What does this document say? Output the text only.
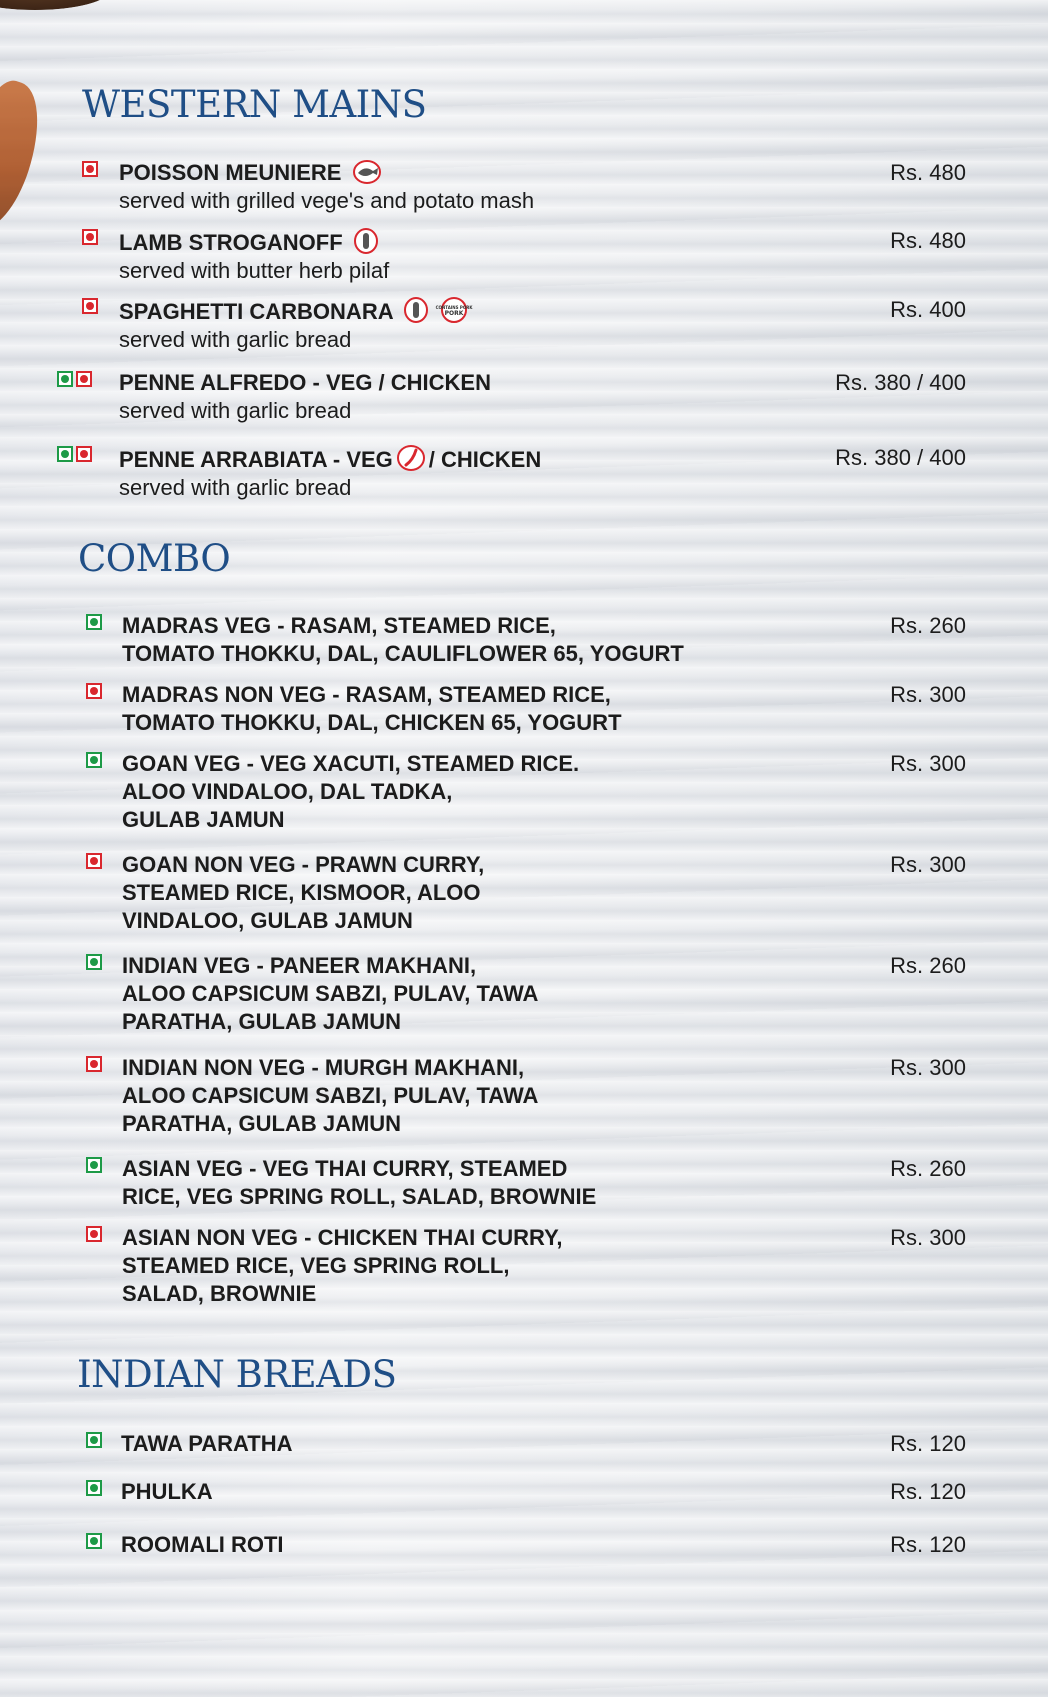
WESTERN MAINS
POISSON MEUNIERE
served with grilled vege's and potato mash
Rs. 480
LAMB STROGANOFF
served with butter herb pilaf
Rs. 480
SPAGHETTI CARBONARA	CONTAINS PORK
PORK
served with garlic bread
Rs. 400
PENNE ALFREDO - VEG / CHICKEN
served with garlic bread
Rs. 380 / 400
PENNE ARRABIATA - VEG / CHICKEN
served with garlic bread
Rs. 380 / 400
COMBO
MADRAS VEG - RASAM, STEAMED RICE,
TOMATO THOKKU, DAL, CAULIFLOWER 65, YOGURT
Rs. 260
MADRAS NON VEG - RASAM, STEAMED RICE,
TOMATO THOKKU, DAL, CHICKEN 65, YOGURT
Rs. 300
GOAN VEG - VEG XACUTI, STEAMED RICE.
ALOO VINDALOO, DAL TADKA,
GULAB JAMUN
Rs. 300
GOAN NON VEG - PRAWN CURRY,
STEAMED RICE, KISMOOR, ALOO
VINDALOO, GULAB JAMUN
Rs. 300
INDIAN VEG - PANEER MAKHANI,
ALOO CAPSICUM SABZI, PULAV, TAWA
PARATHA, GULAB JAMUN
Rs. 260
INDIAN NON VEG - MURGH MAKHANI,
ALOO CAPSICUM SABZI, PULAV, TAWA
PARATHA, GULAB JAMUN
Rs. 300
ASIAN VEG - VEG THAI CURRY, STEAMED
RICE, VEG SPRING ROLL, SALAD, BROWNIE
Rs. 260
ASIAN NON VEG - CHICKEN THAI CURRY,
STEAMED RICE, VEG SPRING ROLL,
SALAD, BROWNIE
Rs. 300
INDIAN BREADS
TAWA PARATHA	Rs. 120
PHULKA	Rs. 120
ROOMALI ROTI	Rs. 120
